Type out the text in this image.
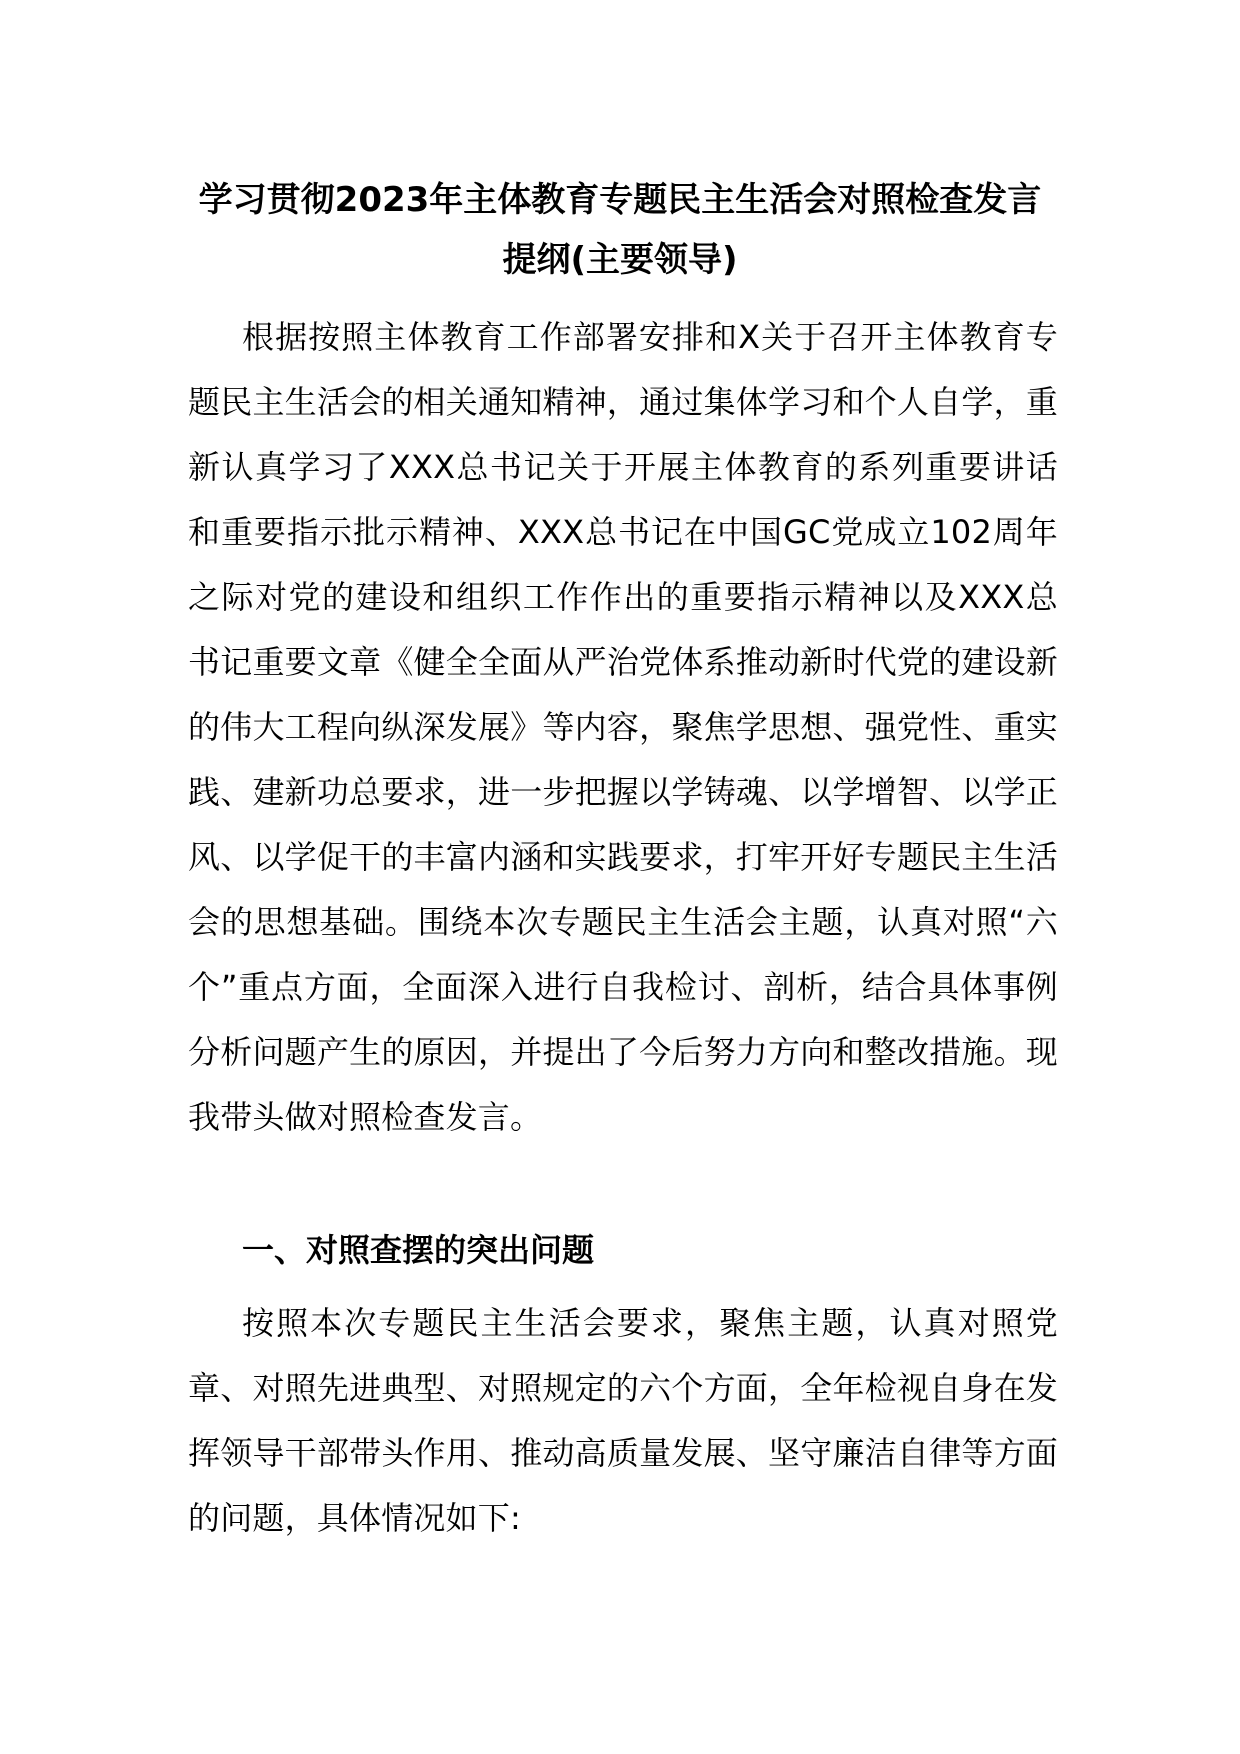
学习贯彻2023年主体教育专题民主生活会对照检查发言
提纲(主要领导)

根据按照主体教育工作部署安排和X关于召开主体教育专题民主生活会的相关通知精神，通过集体学习和个人自学，重新认真学习了XXX总书记关于开展主体教育的系列重要讲话和重要指示批示精神、XXX总书记在中国GC党成立102周年之际对党的建设和组织工作作出的重要指示精神以及XXX总书记重要文章《健全全面从严治党体系推动新时代党的建设新的伟大工程向纵深发展》等内容，聚焦学思想、强党性、重实践、建新功总要求，进一步把握以学铸魂、以学增智、以学正风、以学促干的丰富内涵和实践要求，打牢开好专题民主生活会的思想基础。围绕本次专题民主生活会主题，认真对照“六个”重点方面，全面深入进行自我检讨、剖析，结合具体事例分析问题产生的原因，并提出了今后努力方向和整改措施。现我带头做对照检查发言。

一、对照查摆的突出问题

按照本次专题民主生活会要求，聚焦主题，认真对照党章、对照先进典型、对照规定的六个方面，全年检视自身在发挥领导干部带头作用、推动高质量发展、坚守廉洁自律等方面的问题，具体情况如下:
